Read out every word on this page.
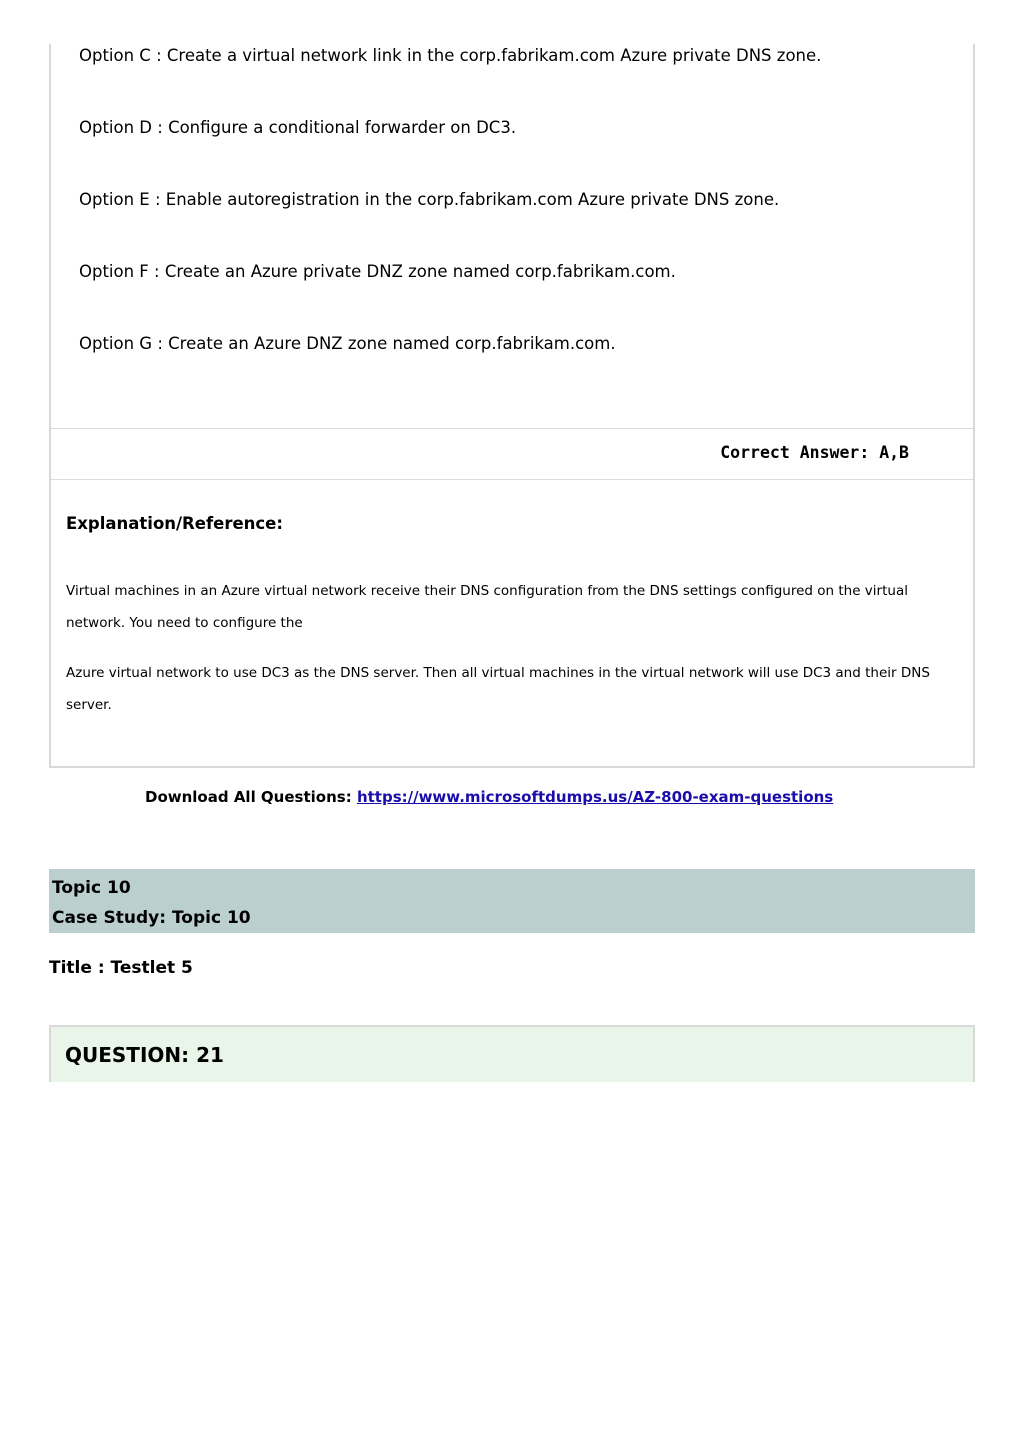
Option C : Create a virtual network link in the corp.fabrikam.com Azure private DNS zone.
Option D : Configure a conditional forwarder on DC3.
Option E : Enable autoregistration in the corp.fabrikam.com Azure private DNS zone.
Option F : Create an Azure private DNZ zone named corp.fabrikam.com.
Option G : Create an Azure DNZ zone named corp.fabrikam.com.
Correct Answer: A,B
Explanation/Reference:
Virtual machines in an Azure virtual network receive their DNS configuration from the DNS settings configured on the virtual network. You need to configure the
Azure virtual network to use DC3 as the DNS server. Then all virtual machines in the virtual network will use DC3 and their DNS server.
Download All Questions: https://www.microsoftdumps.us/AZ-800-exam-questions
Topic 10
Case Study: Topic 10
Title : Testlet 5
QUESTION: 21
